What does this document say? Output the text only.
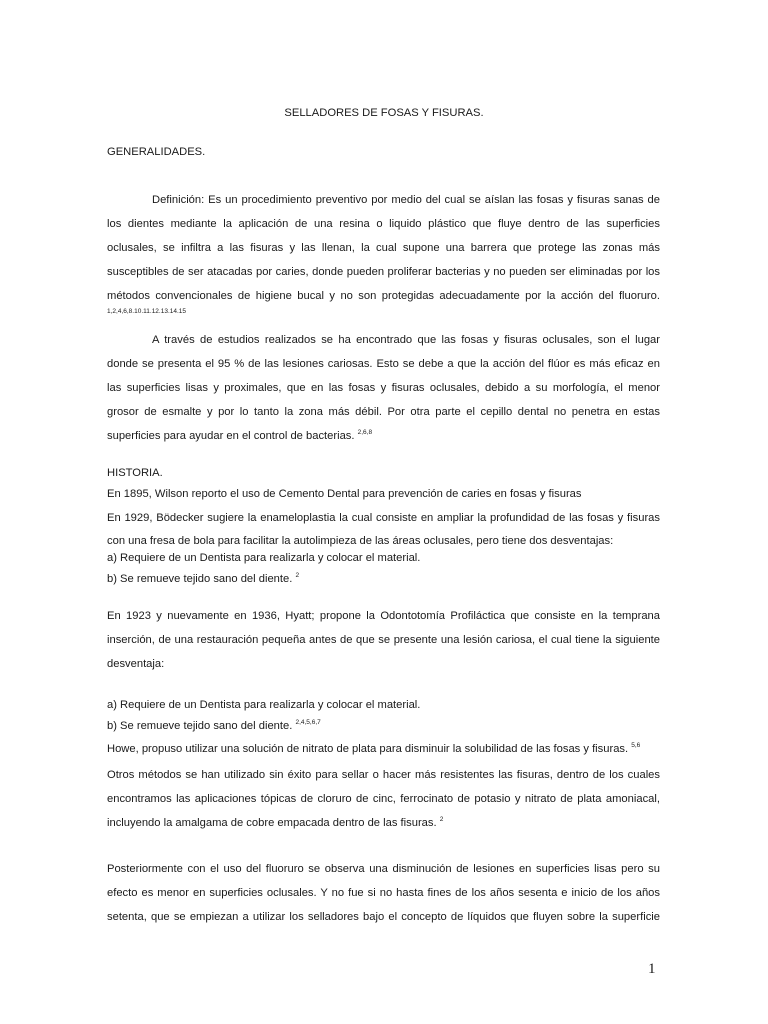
SELLADORES DE FOSAS Y FISURAS.
GENERALIDADES.
Definición: Es un procedimiento preventivo por medio del cual se aíslan las fosas y fisuras sanas de
los dientes mediante la aplicación de una resina o liquido plástico que fluye dentro de las superficies
oclusales, se infiltra a las fisuras y las llenan, la cual supone una barrera que protege las zonas más
susceptibles de ser atacadas por caries, donde pueden proliferar bacterias y no pueden ser eliminadas por los
métodos convencionales de higiene bucal y no son protegidas adecuadamente por la acción del fluoruro.
1,2,4,6,8.10.11.12.13.14.15
A través de estudios realizados se ha encontrado que las fosas y fisuras oclusales, son el lugar
donde se presenta el 95 % de las lesiones cariosas. Esto se debe a que la acción del flúor es más eficaz en
las superficies lisas y proximales, que en las fosas y fisuras oclusales, debido a su morfología, el menor
grosor de esmalte y por lo tanto la zona más débil. Por otra parte el cepillo dental no penetra en estas
superficies para ayudar en el control de bacterias. $^{2,6,8}$
HISTORIA.
En 1895, Wilson reporto el uso de Cemento Dental para prevención de caries en fosas y fisuras
En 1929, Bödecker sugiere la enameloplastia la cual consiste en ampliar la profundidad de las fosas y fisuras
con una fresa de bola para facilitar la autolimpieza de las áreas oclusales, pero tiene dos desventajas:
a) Requiere de un Dentista para realizarla y colocar el material.
b) Se remueve tejido sano del diente. $^2$
En 1923 y nuevamente en 1936, Hyatt; propone la Odontotomía Profiláctica que consiste en la temprana
inserción, de una restauración pequeña antes de que se presente una lesión cariosa, el cual tiene la siguiente
desventaja:
a) Requiere de un Dentista para realizarla y colocar el material.
b) Se remueve tejido sano del diente. $^{2,4,5,6,7}$
Howe, propuso utilizar una solución de nitrato de plata para disminuir la solubilidad de las fosas y fisuras. $^{5,6}$
Otros métodos se han utilizado sin éxito para sellar o hacer más resistentes las fisuras, dentro de los cuales
encontramos las aplicaciones tópicas de cloruro de cinc, ferrocinato de potasio y nitrato de plata amoniacal,
incluyendo la amalgama de cobre empacada dentro de las fisuras. $^2$
Posteriormente con el uso del fluoruro se observa una disminución de lesiones en superficies lisas pero su
efecto es menor en superficies oclusales. Y no fue si no hasta fines de los años sesenta e inicio de los años
setenta, que se empiezan a utilizar los selladores bajo el concepto de líquidos que fluyen sobre la superficie
1
